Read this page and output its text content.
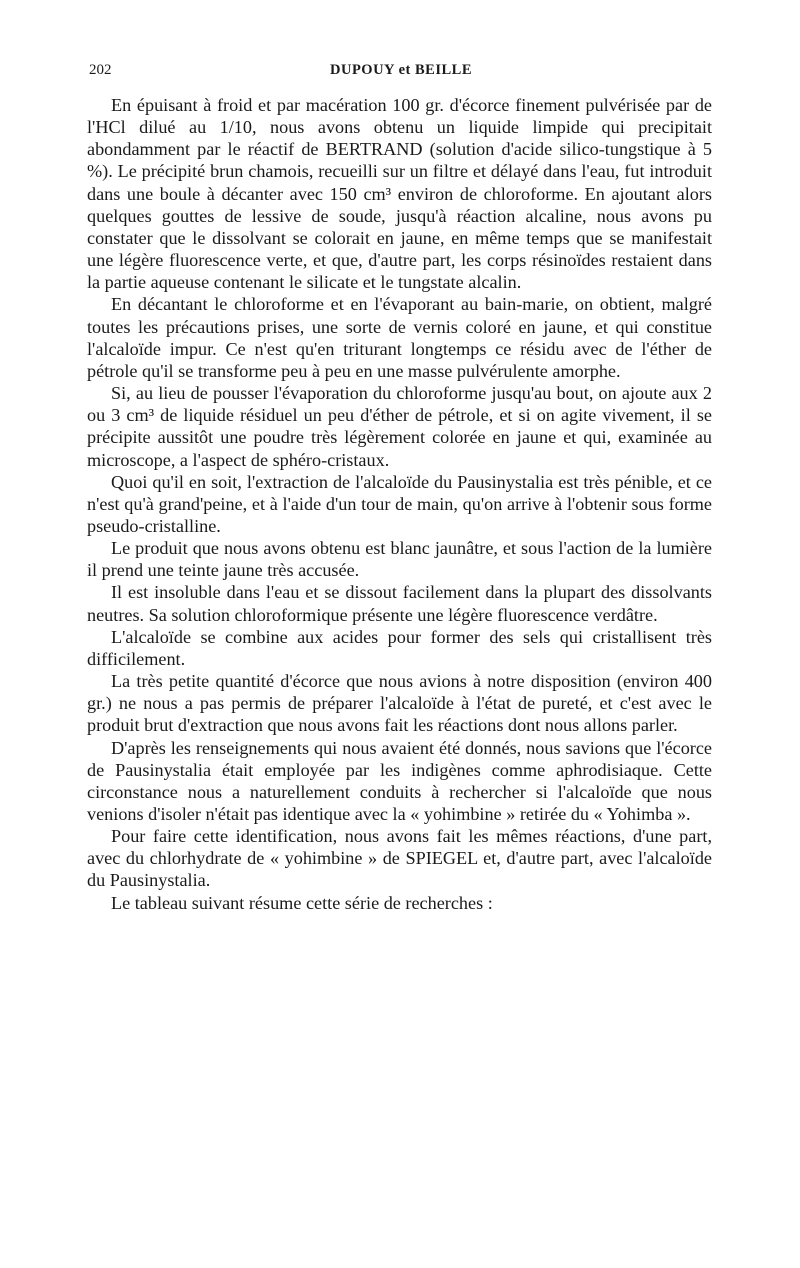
202	DUPOUY et BEILLE

En épuisant à froid et par macération 100 gr. d'écorce finement pulvérisée par de l'HCl dilué au 1/10, nous avons obtenu un liquide limpide qui precipitait abondamment par le réactif de BERTRAND (solution d'acide silico-tungstique à 5 %). Le précipité brun chamois, recueilli sur un filtre et délayé dans l'eau, fut introduit dans une boule à décanter avec 150 cm³ environ de chloroforme. En ajoutant alors quelques gouttes de lessive de soude, jusqu'à réaction alcaline, nous avons pu constater que le dissolvant se colorait en jaune, en même temps que se manifestait une légère fluorescence verte, et que, d'autre part, les corps résinoïdes restaient dans la partie aqueuse contenant le silicate et le tungstate alcalin.

En décantant le chloroforme et en l'évaporant au bain-marie, on obtient, malgré toutes les précautions prises, une sorte de vernis coloré en jaune, et qui constitue l'alcaloïde impur. Ce n'est qu'en triturant longtemps ce résidu avec de l'éther de pétrole qu'il se transforme peu à peu en une masse pulvérulente amorphe.

Si, au lieu de pousser l'évaporation du chloroforme jusqu'au bout, on ajoute aux 2 ou 3 cm³ de liquide résiduel un peu d'éther de pétrole, et si on agite vivement, il se précipite aussitôt une poudre très légèrement colorée en jaune et qui, examinée au microscope, a l'aspect de sphéro-cristaux.

Quoi qu'il en soit, l'extraction de l'alcaloïde du Pausinystalia est très pénible, et ce n'est qu'à grand'peine, et à l'aide d'un tour de main, qu'on arrive à l'obtenir sous forme pseudo-cristalline.

Le produit que nous avons obtenu est blanc jaunâtre, et sous l'action de la lumière il prend une teinte jaune très accusée.

Il est insoluble dans l'eau et se dissout facilement dans la plupart des dissolvants neutres. Sa solution chloroformique présente une légère fluorescence verdâtre.

L'alcaloïde se combine aux acides pour former des sels qui cristallisent très difficilement.

La très petite quantité d'écorce que nous avions à notre disposition (environ 400 gr.) ne nous a pas permis de préparer l'alcaloïde à l'état de pureté, et c'est avec le produit brut d'extraction que nous avons fait les réactions dont nous allons parler.

D'après les renseignements qui nous avaient été donnés, nous savions que l'écorce de Pausinystalia était employée par les indigènes comme aphrodisiaque. Cette circonstance nous a naturellement conduits à rechercher si l'alcaloïde que nous venions d'isoler n'était pas identique avec la « yohimbine » retirée du « Yohimba ».

Pour faire cette identification, nous avons fait les mêmes réactions, d'une part, avec du chlorhydrate de « yohimbine » de SPIEGEL et, d'autre part, avec l'alcaloïde du Pausinystalia.

Le tableau suivant résume cette série de recherches :
